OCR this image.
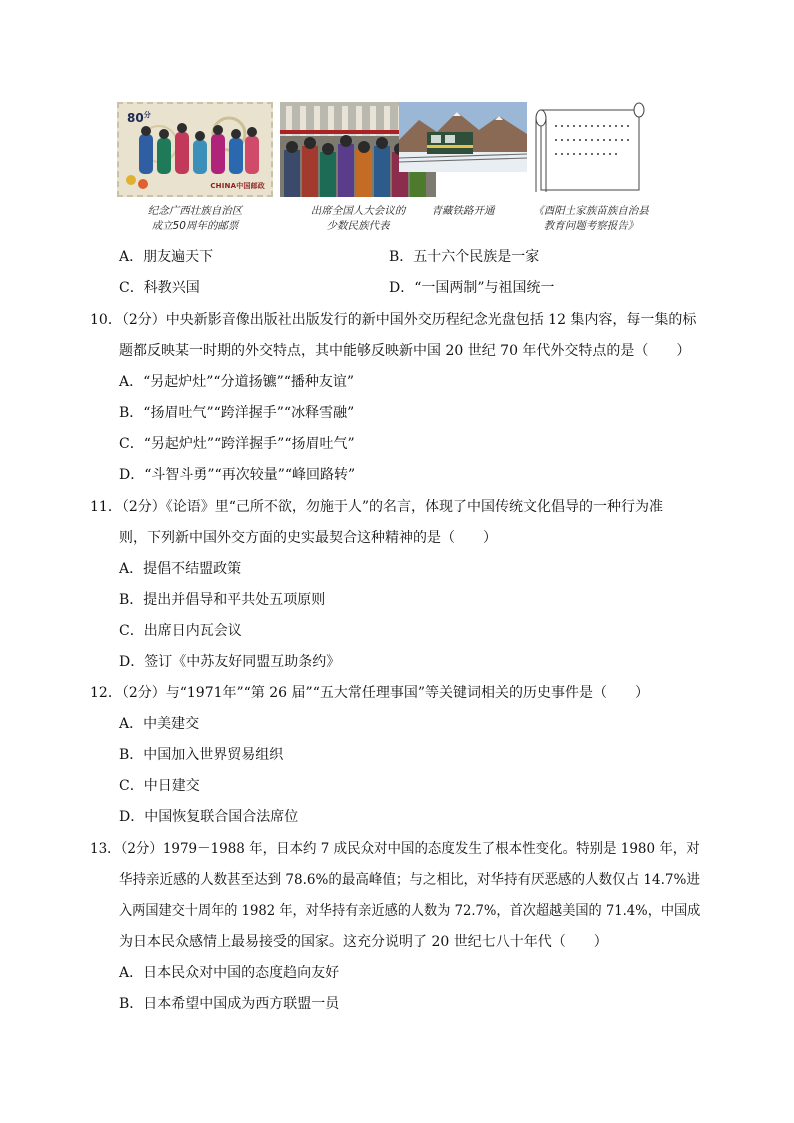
$80^分$
CHINA中国邮政
纪念广西壮族自治区
成立50周年的邮票
出席全国人大会议的
少数民族代表
青藏铁路开通	《酉阳土家族苗族自治县
教育问题考察报告》
A．朋友遍天下	B．五十六个民族是一家
C．科教兴国	D．“一国两制”与祖国统一
10．（2分）中央新影音像出版社出版发行的新中国外交历程纪念光盘包括 12 集内容，每一集的标
题都反映某一时期的外交特点，其中能够反映新中国 20 世纪 70 年代外交特点的是（　　）
A．“另起炉灶”“分道扬镳”“播种友谊”
B．“扬眉吐气”“跨洋握手”“冰释雪融”
C．“另起炉灶”“跨洋握手”“扬眉吐气”
D．“斗智斗勇”“再次较量”“峰回路转”
11．（2分）《论语》里“己所不欲，勿施于人”的名言，体现了中国传统文化倡导的一种行为准
则，下列新中国外交方面的史实最契合这种精神的是（　　）
A．提倡不结盟政策
B．提出并倡导和平共处五项原则
C．出席日内瓦会议
D．签订《中苏友好同盟互助条约》
12．（2分）与“1971年”“第 26 届”“五大常任理事国”等关键词相关的历史事件是（　　）
A．中美建交
B．中国加入世界贸易组织
C．中日建交
D．中国恢复联合国合法席位
13．（2分）1979－1988 年，日本约 7 成民众对中国的态度发生了根本性变化。特别是 1980 年，对
华持亲近感的人数甚至达到 78.6%的最高峰值；与之相比，对华持有厌恶感的人数仅占 14.7%进
入两国建交十周年的 1982 年，对华持有亲近感的人数为 72.7%，首次超越美国的 71.4%，中国成
为日本民众感情上最易接受的国家。这充分说明了 20 世纪七八十年代（　　）
A．日本民众对中国的态度趋向友好
B．日本希望中国成为西方联盟一员
